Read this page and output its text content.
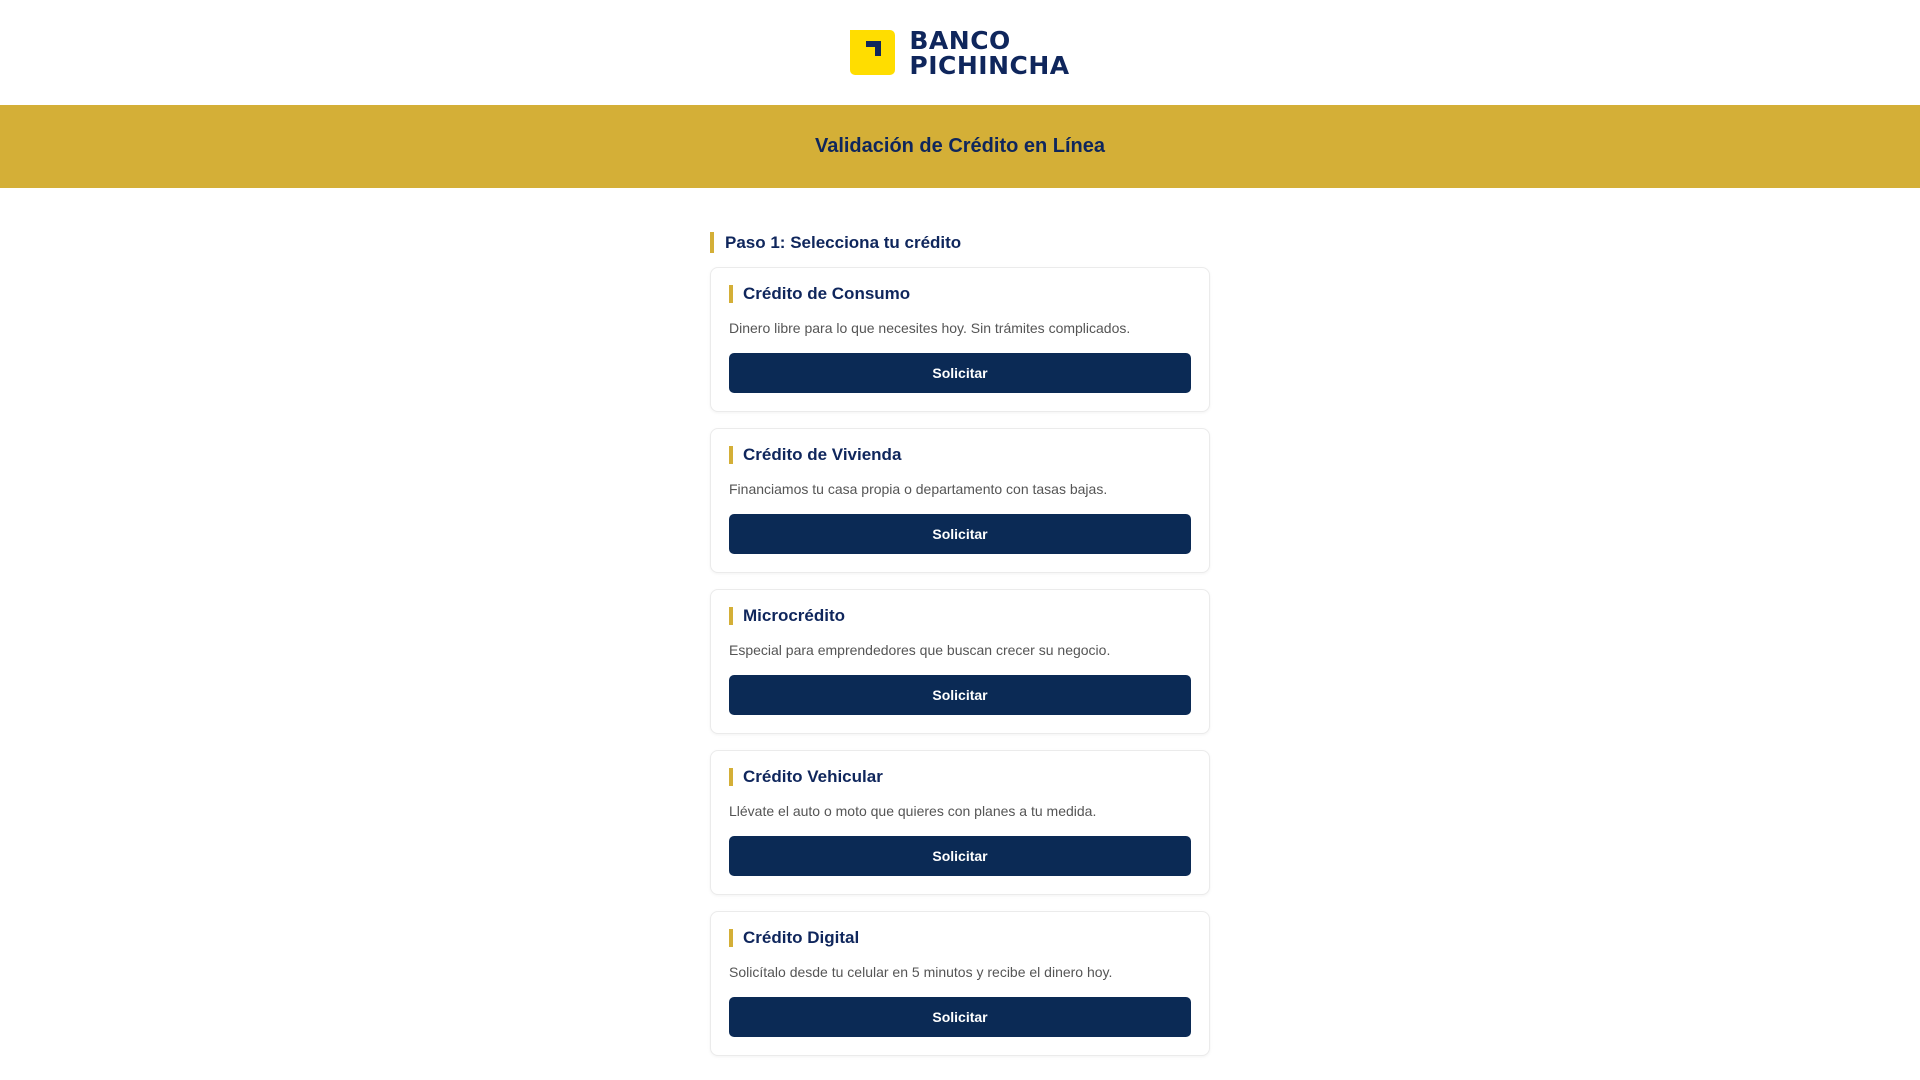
BANCO
PICHINCHA
Validación de Crédito en Línea
Paso 1: Selecciona tu crédito
Crédito de Consumo
Dinero libre para lo que necesites hoy. Sin trámites complicados.
Solicitar
Crédito de Vivienda
Financiamos tu casa propia o departamento con tasas bajas.
Solicitar
Microcrédito
Especial para emprendedores que buscan crecer su negocio.
Solicitar
Crédito Vehicular
Llévate el auto o moto que quieres con planes a tu medida.
Solicitar
Crédito Digital
Solicítalo desde tu celular en 5 minutos y recibe el dinero hoy.
Solicitar
